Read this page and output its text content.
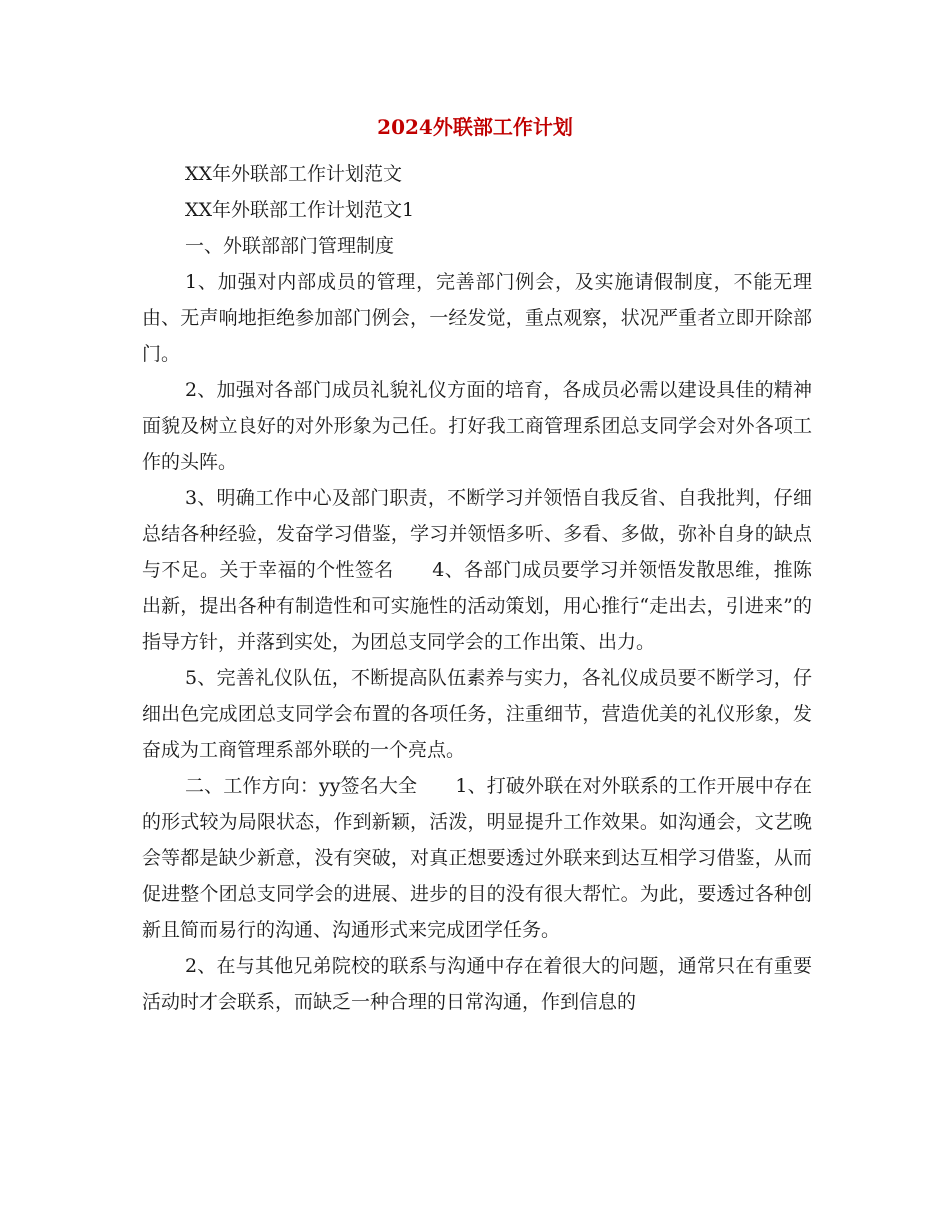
2024外联部工作计划

XX年外联部工作计划范文

XX年外联部工作计划范文1

一、外联部部门管理制度

1、加强对内部成员的管理，完善部门例会，及实施请假制度，不能无理由、无声响地拒绝参加部门例会，一经发觉，重点观察，状况严重者立即开除部门。

2、加强对各部门成员礼貌礼仪方面的培育，各成员必需以建设具佳的精神面貌及树立良好的对外形象为己任。打好我工商管理系团总支同学会对外各项工作的头阵。

3、明确工作中心及部门职责，不断学习并领悟自我反省、自我批判，仔细总结各种经验，发奋学习借鉴，学习并领悟多听、多看、多做，弥补自身的缺点与不足。关于幸福的个性签名　　4、各部门成员要学习并领悟发散思维，推陈出新，提出各种有制造性和可实施性的活动策划，用心推行“走出去，引进来”的指导方针，并落到实处，为团总支同学会的工作出策、出力。

5、完善礼仪队伍，不断提高队伍素养与实力，各礼仪成员要不断学习，仔细出色完成团总支同学会布置的各项任务，注重细节，营造优美的礼仪形象，发奋成为工商管理系部外联的一个亮点。

二、工作方向：yy签名大全　　1、打破外联在对外联系的工作开展中存在的形式较为局限状态，作到新颖，活泼，明显提升工作效果。如沟通会，文艺晚会等都是缺少新意，没有突破，对真正想要透过外联来到达互相学习借鉴，从而促进整个团总支同学会的进展、进步的目的没有很大帮忙。为此，要透过各种创新且简而易行的沟通、沟通形式来完成团学任务。

2、在与其他兄弟院校的联系与沟通中存在着很大的问题，通常只在有重要活动时才会联系，而缺乏一种合理的日常沟通，作到信息的
